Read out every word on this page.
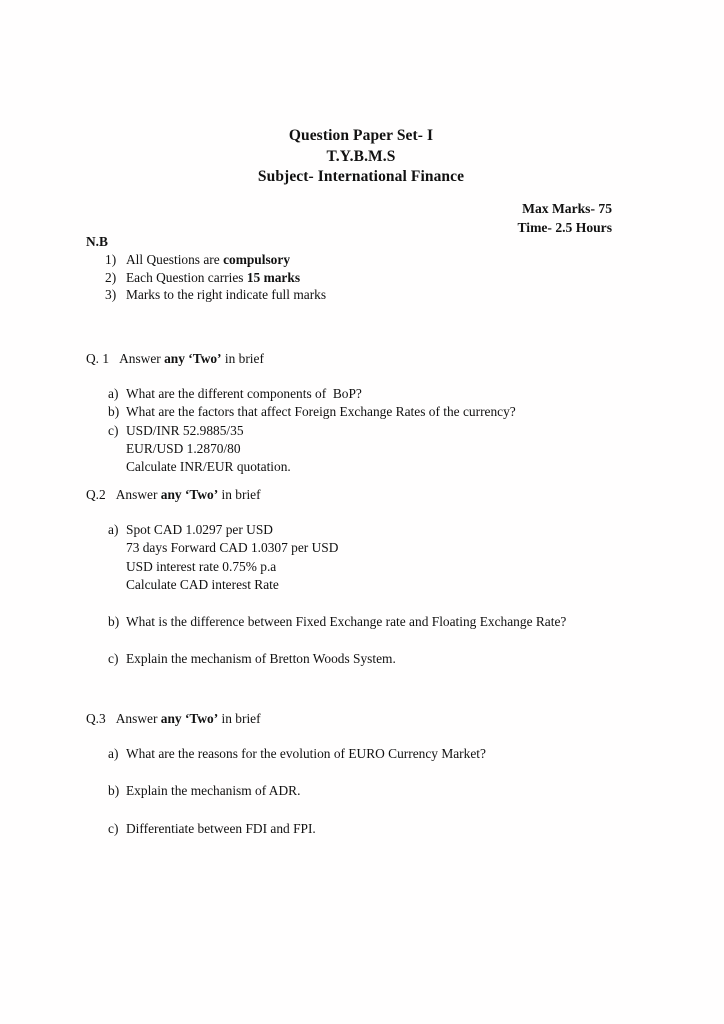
Question Paper Set- I
T.Y.B.M.S
Subject- International Finance
Max Marks- 75
Time- 2.5 Hours
N.B
1) All Questions are compulsory
2) Each Question carries 15 marks
3) Marks to the right indicate full marks
Q. 1 Answer any ‘Two’ in brief
a) What are the different components of  BoP?
b) What are the factors that affect Foreign Exchange Rates of the currency?
c) USD/INR 52.9885/35
EUR/USD 1.2870/80
Calculate INR/EUR quotation.
Q.2 Answer any ‘Two’ in brief
a) Spot CAD 1.0297 per USD
73 days Forward CAD 1.0307 per USD
USD interest rate 0.75% p.a
Calculate CAD interest Rate
b) What is the difference between Fixed Exchange rate and Floating Exchange Rate?
c) Explain the mechanism of Bretton Woods System.
Q.3 Answer any ‘Two’ in brief
a) What are the reasons for the evolution of EURO Currency Market?
b) Explain the mechanism of ADR.
c) Differentiate between FDI and FPI.
